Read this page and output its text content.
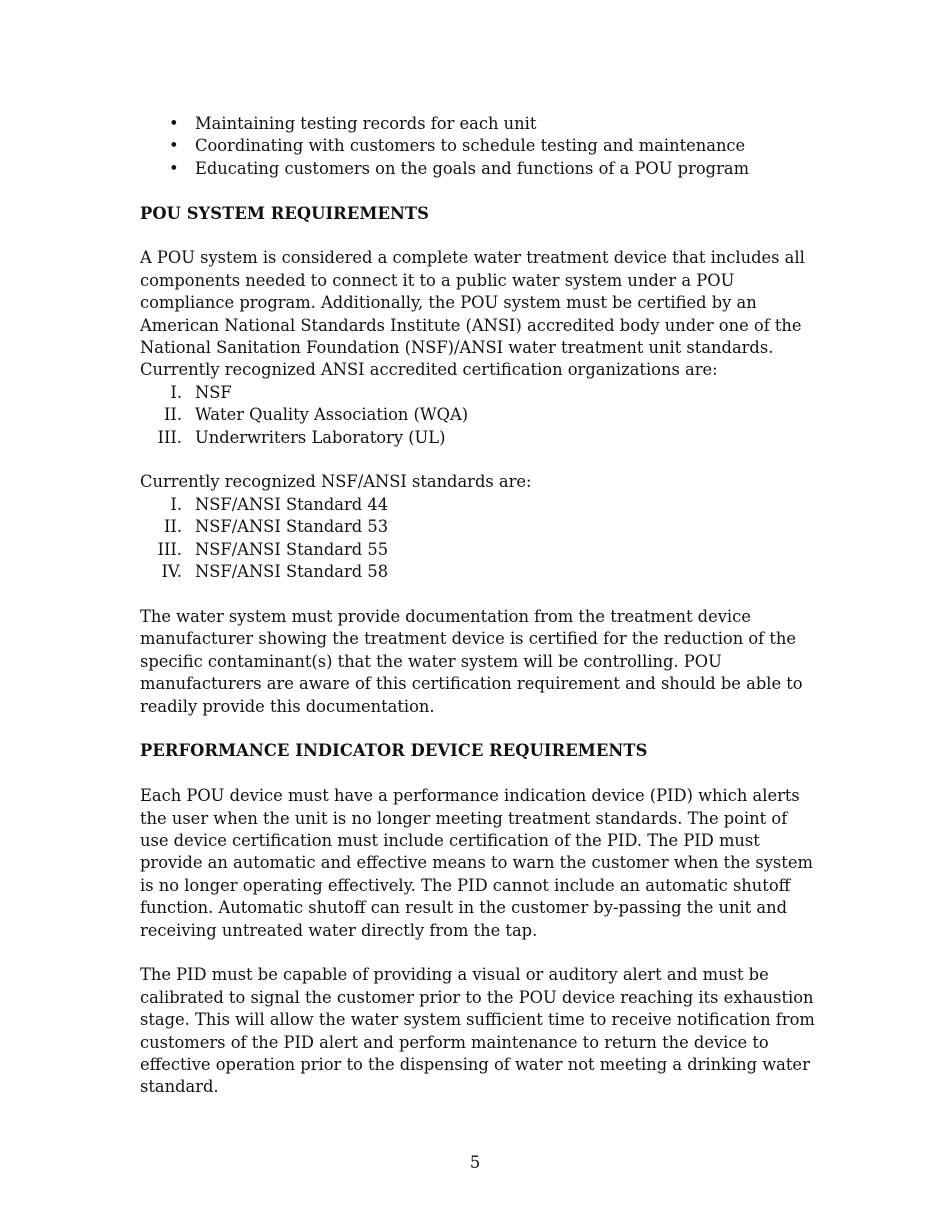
• Maintaining testing records for each unit
• Coordinating with customers to schedule testing and maintenance
• Educating customers on the goals and functions of a POU program

POU SYSTEM REQUIREMENTS

A POU system is considered a complete water treatment device that includes all components needed to connect it to a public water system under a POU compliance program. Additionally, the POU system must be certified by an American National Standards Institute (ANSI) accredited body under one of the National Sanitation Foundation (NSF)/ANSI water treatment unit standards. Currently recognized ANSI accredited certification organizations are:

I. NSF
II. Water Quality Association (WQA)
III. Underwriters Laboratory (UL)

Currently recognized NSF/ANSI standards are:

I. NSF/ANSI Standard 44
II. NSF/ANSI Standard 53
III. NSF/ANSI Standard 55
IV. NSF/ANSI Standard 58

The water system must provide documentation from the treatment device manufacturer showing the treatment device is certified for the reduction of the specific contaminant(s) that the water system will be controlling. POU manufacturers are aware of this certification requirement and should be able to readily provide this documentation.

PERFORMANCE INDICATOR DEVICE REQUIREMENTS

Each POU device must have a performance indication device (PID) which alerts the user when the unit is no longer meeting treatment standards. The point of use device certification must include certification of the PID. The PID must provide an automatic and effective means to warn the customer when the system is no longer operating effectively. The PID cannot include an automatic shutoff function. Automatic shutoff can result in the customer by-passing the unit and receiving untreated water directly from the tap.

The PID must be capable of providing a visual or auditory alert and must be calibrated to signal the customer prior to the POU device reaching its exhaustion stage. This will allow the water system sufficient time to receive notification from customers of the PID alert and perform maintenance to return the device to effective operation prior to the dispensing of water not meeting a drinking water standard.

5
